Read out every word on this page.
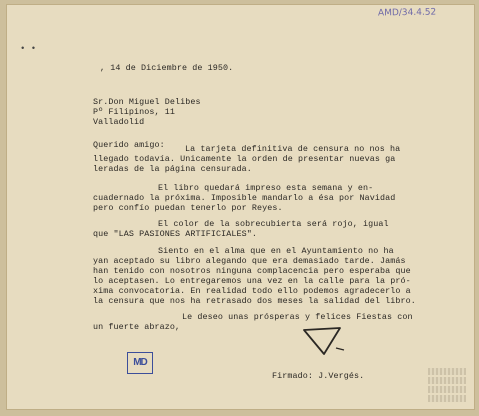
• •
AMD/34.4.52
, 14 de Diciembre de 1950.
Sr.Don Miguel Delibes
Pº Filipinos, 11
Valladolid
Querido amigo: La tarjeta definitiva de censura no nos ha
llegado todavía. Unicamente la orden de presentar nuevas ga
leradas de la página censurada.
El libro quedará impreso esta semana y en-
cuadernado la próxima. Imposible mandarlo a ésa por Navidad
pero confío puedan tenerlo por Reyes.
El color de la sobrecubierta será rojo, igual
que "LAS PASIONES ARTIFICIALES".
Siento en el alma que en el Ayuntamiento no ha
yan aceptado su libro alegando que era demasiado tarde. Jamás
han tenido con nosotros ninguna complacencia pero esperaba que
lo aceptasen. Lo entregaremos una vez en la calle para la pró-
xima convocatoria. En realidad todo ello podemos agradecerlo a
la censura que nos ha retrasado dos meses la salidad del libro.
Le deseo unas prósperas y felices Fiestas con
un fuerte abrazo,
MD
Firmado: J.Vergés.
